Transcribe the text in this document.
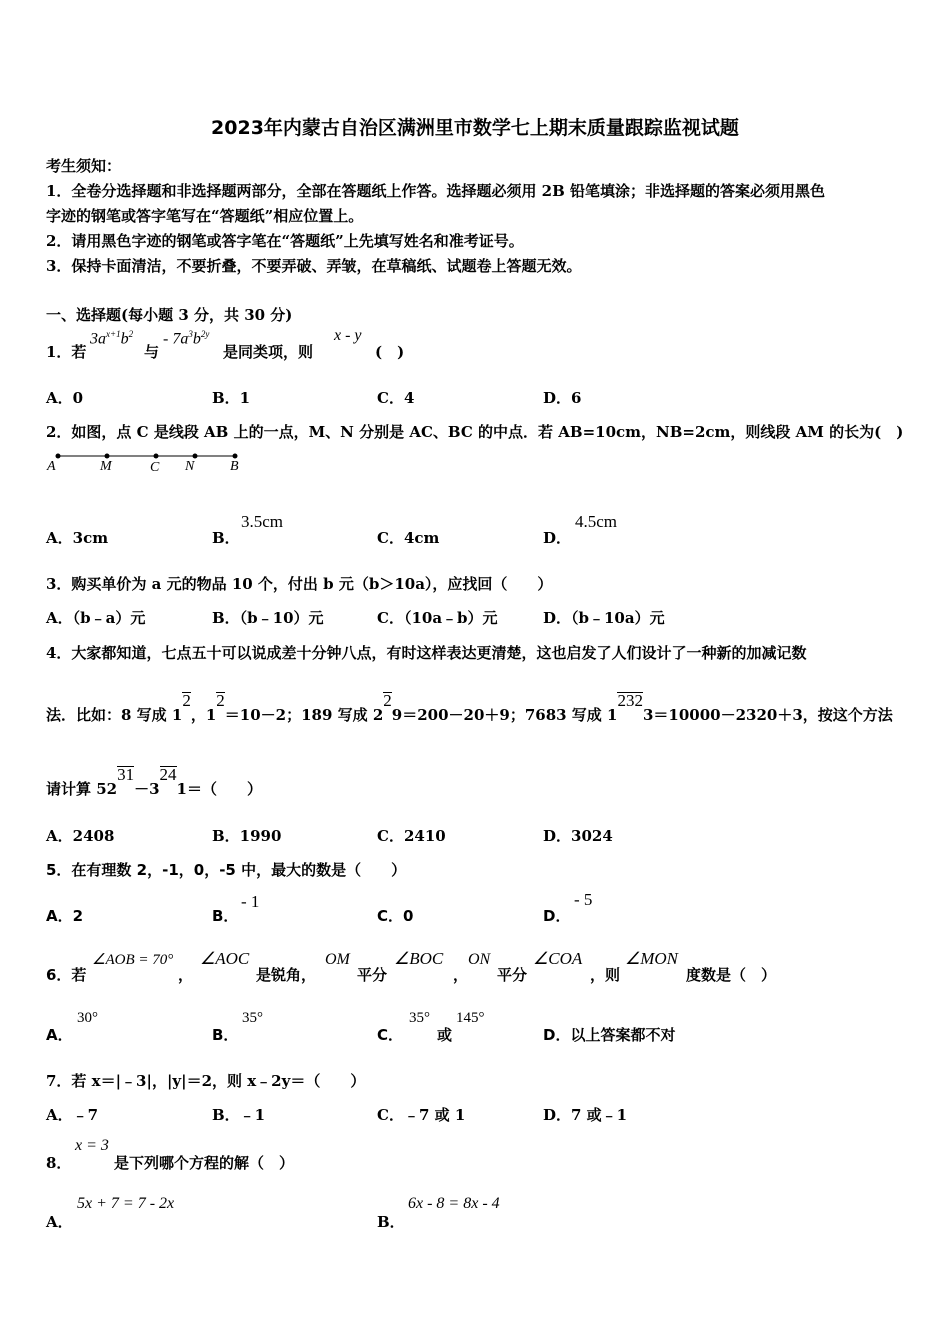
2023年内蒙古自治区满洲里市数学七上期末质量跟踪监视试题
考生须知：
1．全卷分选择题和非选择题两部分，全部在答题纸上作答。选择题必须用 2B 铅笔填涂；非选择题的答案必须用黑色
字迹的钢笔或答字笔写在“答题纸”相应位置上。
2．请用黑色字迹的钢笔或答字笔在“答题纸”上先填写姓名和准考证号。
3．保持卡面清洁，不要折叠，不要弄破、弄皱，在草稿纸、试题卷上答题无效。
一、选择题(每小题 3 分，共 30 分)
1．若
$3a^{x+1}b^2$
与
- $7a^3b^{2y}$
是同类项，则
x - y
(　)
A．0	B．1	C．4	D．6
2．如图，点 C 是线段 AB 上的一点，M、N 分别是 AC、BC 的中点．若 AB=10cm，NB=2cm，则线段 AM 的长为(　)
A	M	C N	B
A．3cm	B．
3.5cm
C．4cm	D．
4.5cm
3．购买单价为 a 元的物品 10 个，付出 b 元（b＞10a），应找回（　　）
A．（b﹣a）元	B．（b﹣10）元	C．（10a﹣b）元	D．（b﹣10a）元
4．大家都知道，七点五十可以说成差十分钟八点，有时这样表达更清楚，这也启发了人们设计了一种新的加减记数
法．比如：8 写成 12，12＝10－2；189 写成 229＝200－20＋9；7683 写成 12323＝10000－2320＋3，按这个方法
请计算 5231－3241＝（　　）
A．2408	B．1990	C．2410	D．3024
5．在有理数 2，-1，0，-5 中，最大的数是（　　）
A．2	B．
- 1
C．0	D．
- 5
6．若
∠AOB = 70°
，
∠AOC
是锐角，
OM
平分
∠BOC
，
ON
平分
∠COA
，则
∠MON
度数是（　）
A．
30°
B．
35°
C．
35°
或
145°
D．以上答案都不对
7．若 x＝|﹣3|，|y|＝2，则 x﹣2y＝（　　）
A．﹣7	B．﹣1	C．﹣7 或 1	D．7 或﹣1
8．
x = 3
是下列哪个方程的解（　）
A．
5x + 7 = 7 - 2x
B．
6x - 8 = 8x - 4
